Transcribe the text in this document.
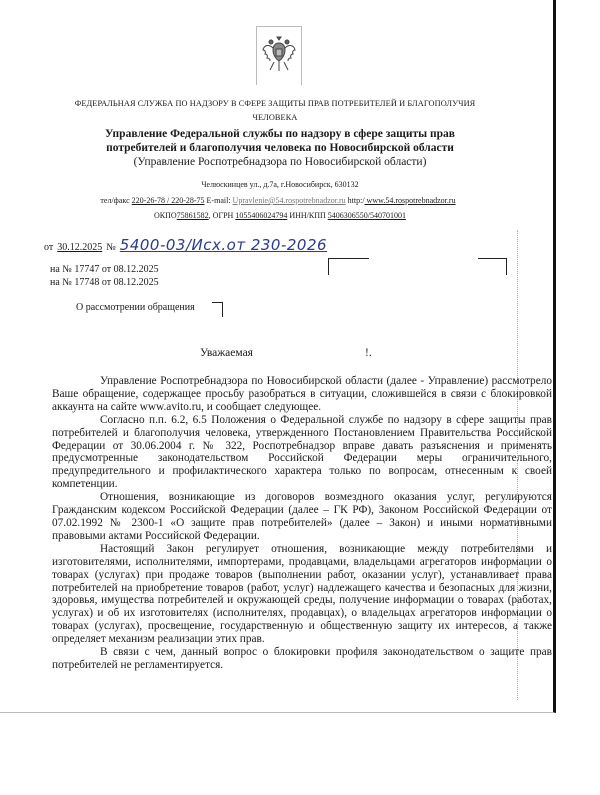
ФЕДЕРАЛЬНАЯ СЛУЖБА ПО НАДЗОРУ В СФЕРЕ ЗАЩИТЫ ПРАВ ПОТРЕБИТЕЛЕЙ И БЛАГОПОЛУЧИЯ
ЧЕЛОВЕКА
Управление Федеральной службы по надзору в сфере защиты прав
потребителей и благополучия человека по Новосибирской области
(Управление Роспотребнадзора по Новосибирской области)
Челюскинцев ул., д.7а, г.Новосибирск, 630132
тел/факс 220-26-78 / 220-28-75 E-mail: Upravlenie@54.rospotrebnadzor.ru http:/ www.54.rospotrebnadzor.ru
ОКПО75861582, ОГРН 1055406024794 ИНН/КПП 5406306550/540701001
от 30.12.2025 № 5400-03/Исх.от 230-2026
на № 17747 от 08.12.2025
на № 17748 от 08.12.2025
О рассмотрении обращения
Уважаемая	!.

Управление Роспотребнадзора по Новосибирской области (далее - Управление) рассмотрело Ваше обращение, содержащее просьбу разобраться в ситуации, сложившейся в связи с блокировкой аккаунта на сайте www.avito.ru, и сообщает следующее.

Согласно п.п. 6.2, 6.5 Положения о Федеральной службе по надзору в сфере защиты прав потребителей и благополучия человека, утвержденного Постановлением Правительства Российской Федерации от 30.06.2004 г. № 322, Роспотребнадзор вправе давать разъяснения и применять предусмотренные законодательством Российской Федерации меры ограничительного, предупредительного и профилактического характера только по вопросам, отнесенным к своей компетенции.

Отношения, возникающие из договоров возмездного оказания услуг, регулируются Гражданским кодексом Российской Федерации (далее – ГК РФ), Законом Российской Федерации от 07.02.1992 № 2300-1 «О защите прав потребителей» (далее – Закон) и иными нормативными правовыми актами Российской Федерации.

Настоящий Закон регулирует отношения, возникающие между потребителями и изготовителями, исполнителями, импортерами, продавцами, владельцами агрегаторов информации о товарах (услугах) при продаже товаров (выполнении работ, оказании услуг), устанавливает права потребителей на приобретение товаров (работ, услуг) надлежащего качества и безопасных для жизни, здоровья, имущества потребителей и окружающей среды, получение информации о товарах (работах, услугах) и об их изготовителях (исполнителях, продавцах), о владельцах агрегаторов информации о товарах (услугах), просвещение, государственную и общественную защиту их интересов, а также определяет механизм реализации этих прав.

В связи с чем, данный вопрос о блокировки профиля законодательством о защите прав потребителей не регламентируется.
